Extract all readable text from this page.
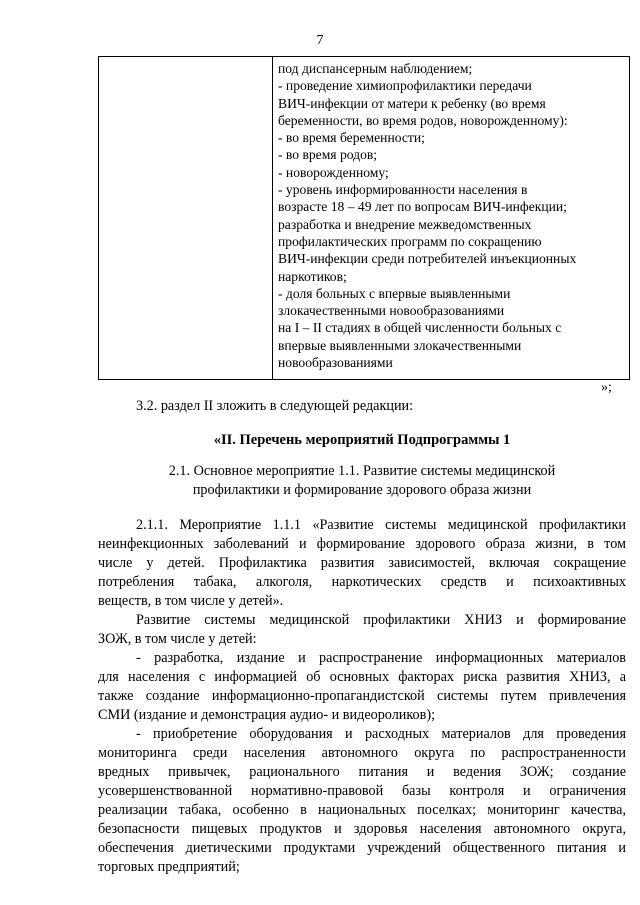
7
под диспансерным наблюдением;
- проведение химиопрофилактики передачи
ВИЧ-инфекции от матери к ребенку (во время
беременности, во время родов, новорожденному):
- во время беременности;
- во время родов;
- новорожденному;
- уровень информированности населения в
возрасте 18 – 49 лет по вопросам ВИЧ-инфекции;
разработка и внедрение межведомственных
профилактических программ по сокращению
ВИЧ-инфекции среди потребителей инъекционных
наркотиков;
- доля больных с впервые выявленными
злокачественными новообразованиями
на I – II стадиях в общей численности больных с
впервые выявленными злокачественными
новообразованиями
»;
3.2. раздел II зложить в следующей редакции:
«II. Перечень мероприятий Подпрограммы 1
2.1. Основное мероприятие 1.1. Развитие системы медицинской
профилактики и формирование здорового образа жизни
2.1.1. Мероприятие 1.1.1 «Развитие системы медицинской профилактики
неинфекционных заболеваний и формирование здорового образа жизни, в том
числе у детей. Профилактика развития зависимостей, включая сокращение
потребления табака, алкоголя, наркотических средств и психоактивных
веществ, в том числе у детей».
Развитие системы медицинской профилактики ХНИЗ и формирование
ЗОЖ, в том числе у детей:
- разработка, издание и распространение информационных материалов
для населения с информацией об основных факторах риска развития ХНИЗ, а
также создание информационно-пропагандистской системы путем привлечения
СМИ (издание и демонстрация аудио- и видеороликов);
- приобретение оборудования и расходных материалов для проведения
мониторинга среди населения автономного округа по распространенности
вредных привычек, рационального питания и ведения ЗОЖ; создание
усовершенствованной нормативно-правовой базы контроля и ограничения
реализации табака, особенно в национальных поселках; мониторинг качества,
безопасности пищевых продуктов и здоровья населения автономного округа,
обеспечения диетическими продуктами учреждений общественного питания и
торговых предприятий;
